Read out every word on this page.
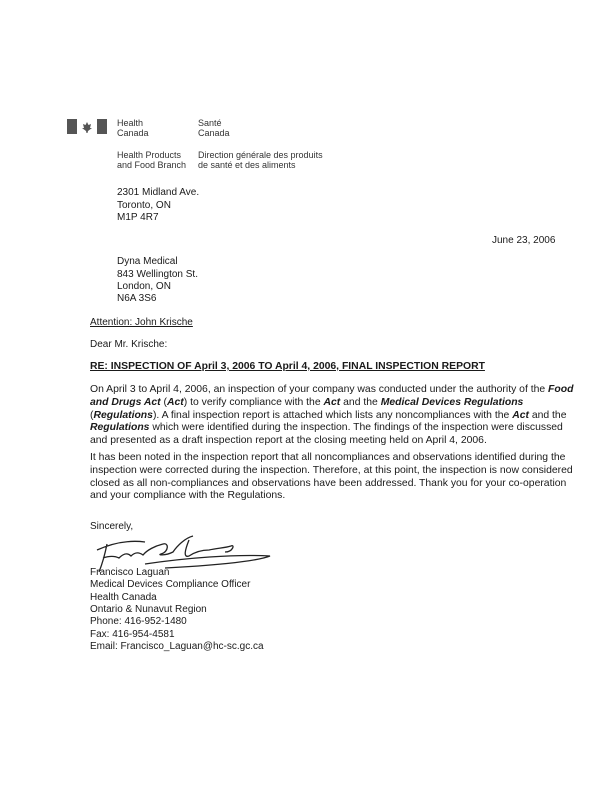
Health
Canada
Santé
Canada
Health Products
and Food Branch
Direction générale des produits
de santé et des aliments
2301 Midland Ave.
Toronto, ON
M1P 4R7
June 23, 2006
Dyna Medical
843 Wellington St.
London, ON
N6A 3S6
Attention: John Krische
Dear Mr. Krische:
RE: INSPECTION OF April 3, 2006 TO April 4, 2006, FINAL INSPECTION REPORT
On April 3 to April 4, 2006, an inspection of your company was conducted under the authority of the Food
and Drugs Act (Act) to verify compliance with the Act and the Medical Devices Regulations
(Regulations). A final inspection report is attached which lists any noncompliances with the Act and the
Regulations which were identified during the inspection. The findings of the inspection were discussed
and presented as a draft inspection report at the closing meeting held on April 4, 2006.
It has been noted in the inspection report that all noncompliances and observations identified during the
inspection were corrected during the inspection. Therefore, at this point, the inspection is now considered
closed as all non-compliances and observations have been addressed. Thank you for your co-operation
and your compliance with the Regulations.
Sincerely,
Francisco Laguan
Medical Devices Compliance Officer
Health Canada
Ontario & Nunavut Region
Phone: 416-952-1480
Fax: 416-954-4581
Email: Francisco_Laguan@hc-sc.gc.ca
